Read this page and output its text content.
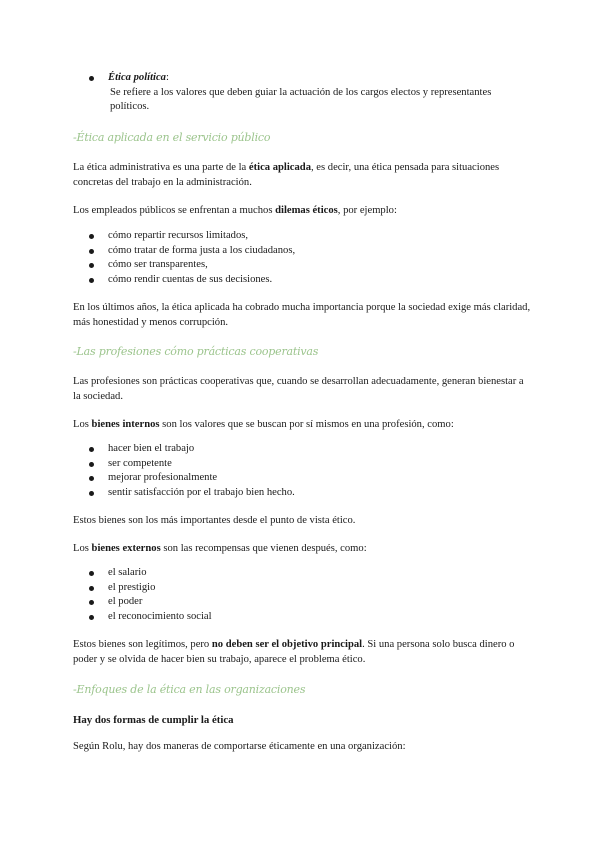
Ética política:
Se refiere a los valores que deben guiar la actuación de los cargos electos y representantes políticos.
-Ética aplicada en el servicio público
La ética administrativa es una parte de la ética aplicada, es decir, una ética pensada para situaciones concretas del trabajo en la administración.
Los empleados públicos se enfrentan a muchos dilemas éticos, por ejemplo:
cómo repartir recursos limitados,
cómo tratar de forma justa a los ciudadanos,
cómo ser transparentes,
cómo rendir cuentas de sus decisiones.
En los últimos años, la ética aplicada ha cobrado mucha importancia porque la sociedad exige más claridad, más honestidad y menos corrupción.
-Las profesiones cómo prácticas cooperativas
Las profesiones son prácticas cooperativas que, cuando se desarrollan adecuadamente, generan bienestar a la sociedad.
Los bienes internos son los valores que se buscan por sí mismos en una profesión, como:
hacer bien el trabajo
ser competente
mejorar profesionalmente
sentir satisfacción por el trabajo bien hecho.
Estos bienes son los más importantes desde el punto de vista ético.
Los bienes externos son las recompensas que vienen después, como:
el salario
el prestigio
el poder
el reconocimiento social
Estos bienes son legítimos, pero no deben ser el objetivo principal. Si una persona solo busca dinero o poder y se olvida de hacer bien su trabajo, aparece el problema ético.
-Enfoques de la ética en las organizaciones
Hay dos formas de cumplir la ética
Según Rolu, hay dos maneras de comportarse éticamente en una organización:
